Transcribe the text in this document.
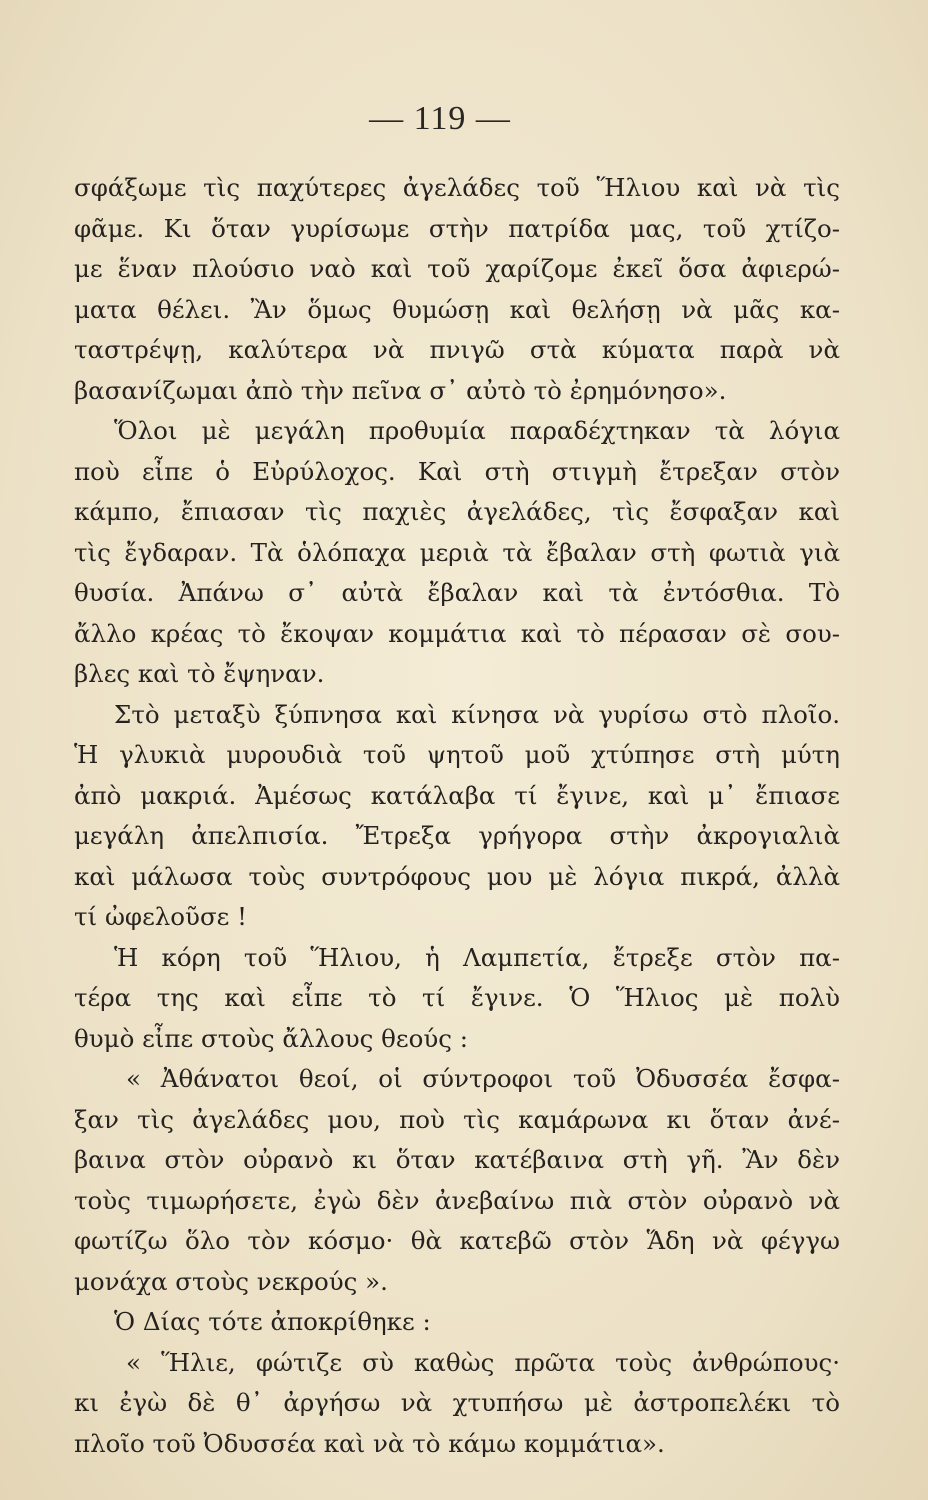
— 119 —
σφάξωμε τὶς παχύτερες ἀγελάδες τοῦ Ἥλιου καὶ νὰ τὶς
φᾶμε. Κι ὅταν γυρίσωμε στὴν πατρίδα μας, τοῦ χτίζο-
με ἕναν πλούσιο ναὸ καὶ τοῦ χαρίζομε ἐκεῖ ὅσα ἀφιερώ-
ματα θέλει. Ἂν ὅμως θυμώσῃ καὶ θελήσῃ νὰ μᾶς κα-
ταστρέψῃ, καλύτερα νὰ πνιγῶ στὰ κύματα παρὰ νὰ
βασανίζωμαι ἀπὸ τὴν πεῖνα σ᾿ αὐτὸ τὸ ἐρημόνησο».
Ὅλοι μὲ μεγάλη προθυμία παραδέχτηκαν τὰ λόγια
ποὺ εἶπε ὁ Εὐρύλοχος. Καὶ στὴ στιγμὴ ἔτρεξαν στὸν
κάμπο, ἔπιασαν τὶς παχιὲς ἀγελάδες, τὶς ἔσφαξαν καὶ
τὶς ἔγδαραν. Τὰ ὁλόπαχα μεριὰ τὰ ἔβαλαν στὴ φωτιὰ γιὰ
θυσία. Ἀπάνω σ᾿ αὐτὰ ἔβαλαν καὶ τὰ ἐντόσθια. Τὸ
ἄλλο κρέας τὸ ἔκοψαν κομμάτια καὶ τὸ πέρασαν σὲ σου-
βλες καὶ τὸ ἔψηναν.
Στὸ μεταξὺ ξύπνησα καὶ κίνησα νὰ γυρίσω στὸ πλοῖο.
Ἡ γλυκιὰ μυρουδιὰ τοῦ ψητοῦ μοῦ χτύπησε στὴ μύτη
ἀπὸ μακριά. Ἀμέσως κατάλαβα τί ἔγινε, καὶ μ᾿ ἔπιασε
μεγάλη ἀπελπισία. Ἔτρεξα γρήγορα στὴν ἀκρογιαλιὰ
καὶ μάλωσα τοὺς συντρόφους μου μὲ λόγια πικρά, ἀλλὰ
τί ὠφελοῦσε !
Ἡ κόρη τοῦ Ἥλιου, ἡ Λαμπετία, ἔτρεξε στὸν πα-
τέρα της καὶ εἶπε τὸ τί ἔγινε. Ὁ Ἥλιος μὲ πολὺ
θυμὸ εἶπε στοὺς ἄλλους θεούς :
« Ἀθάνατοι θεοί, οἱ σύντροφοι τοῦ Ὀδυσσέα ἔσφα-
ξαν τὶς ἀγελάδες μου, ποὺ τὶς καμάρωνα κι ὅταν ἀνέ-
βαινα στὸν οὐρανὸ κι ὅταν κατέβαινα στὴ γῆ. Ἂν δὲν
τοὺς τιμωρήσετε, ἐγὼ δὲν ἀνεβαίνω πιὰ στὸν οὐρανὸ νὰ
φωτίζω ὅλο τὸν κόσμο· θὰ κατεβῶ στὸν Ἅδη νὰ φέγγω
μονάχα στοὺς νεκρούς ».
Ὁ Δίας τότε ἀποκρίθηκε :
« Ἥλιε, φώτιζε σὺ καθὼς πρῶτα τοὺς ἀνθρώπους·
κι ἐγὼ δὲ θ᾿ ἀργήσω νὰ χτυπήσω μὲ ἀστροπελέκι τὸ
πλοῖο τοῦ Ὀδυσσέα καὶ νὰ τὸ κάμω κομμάτια».
